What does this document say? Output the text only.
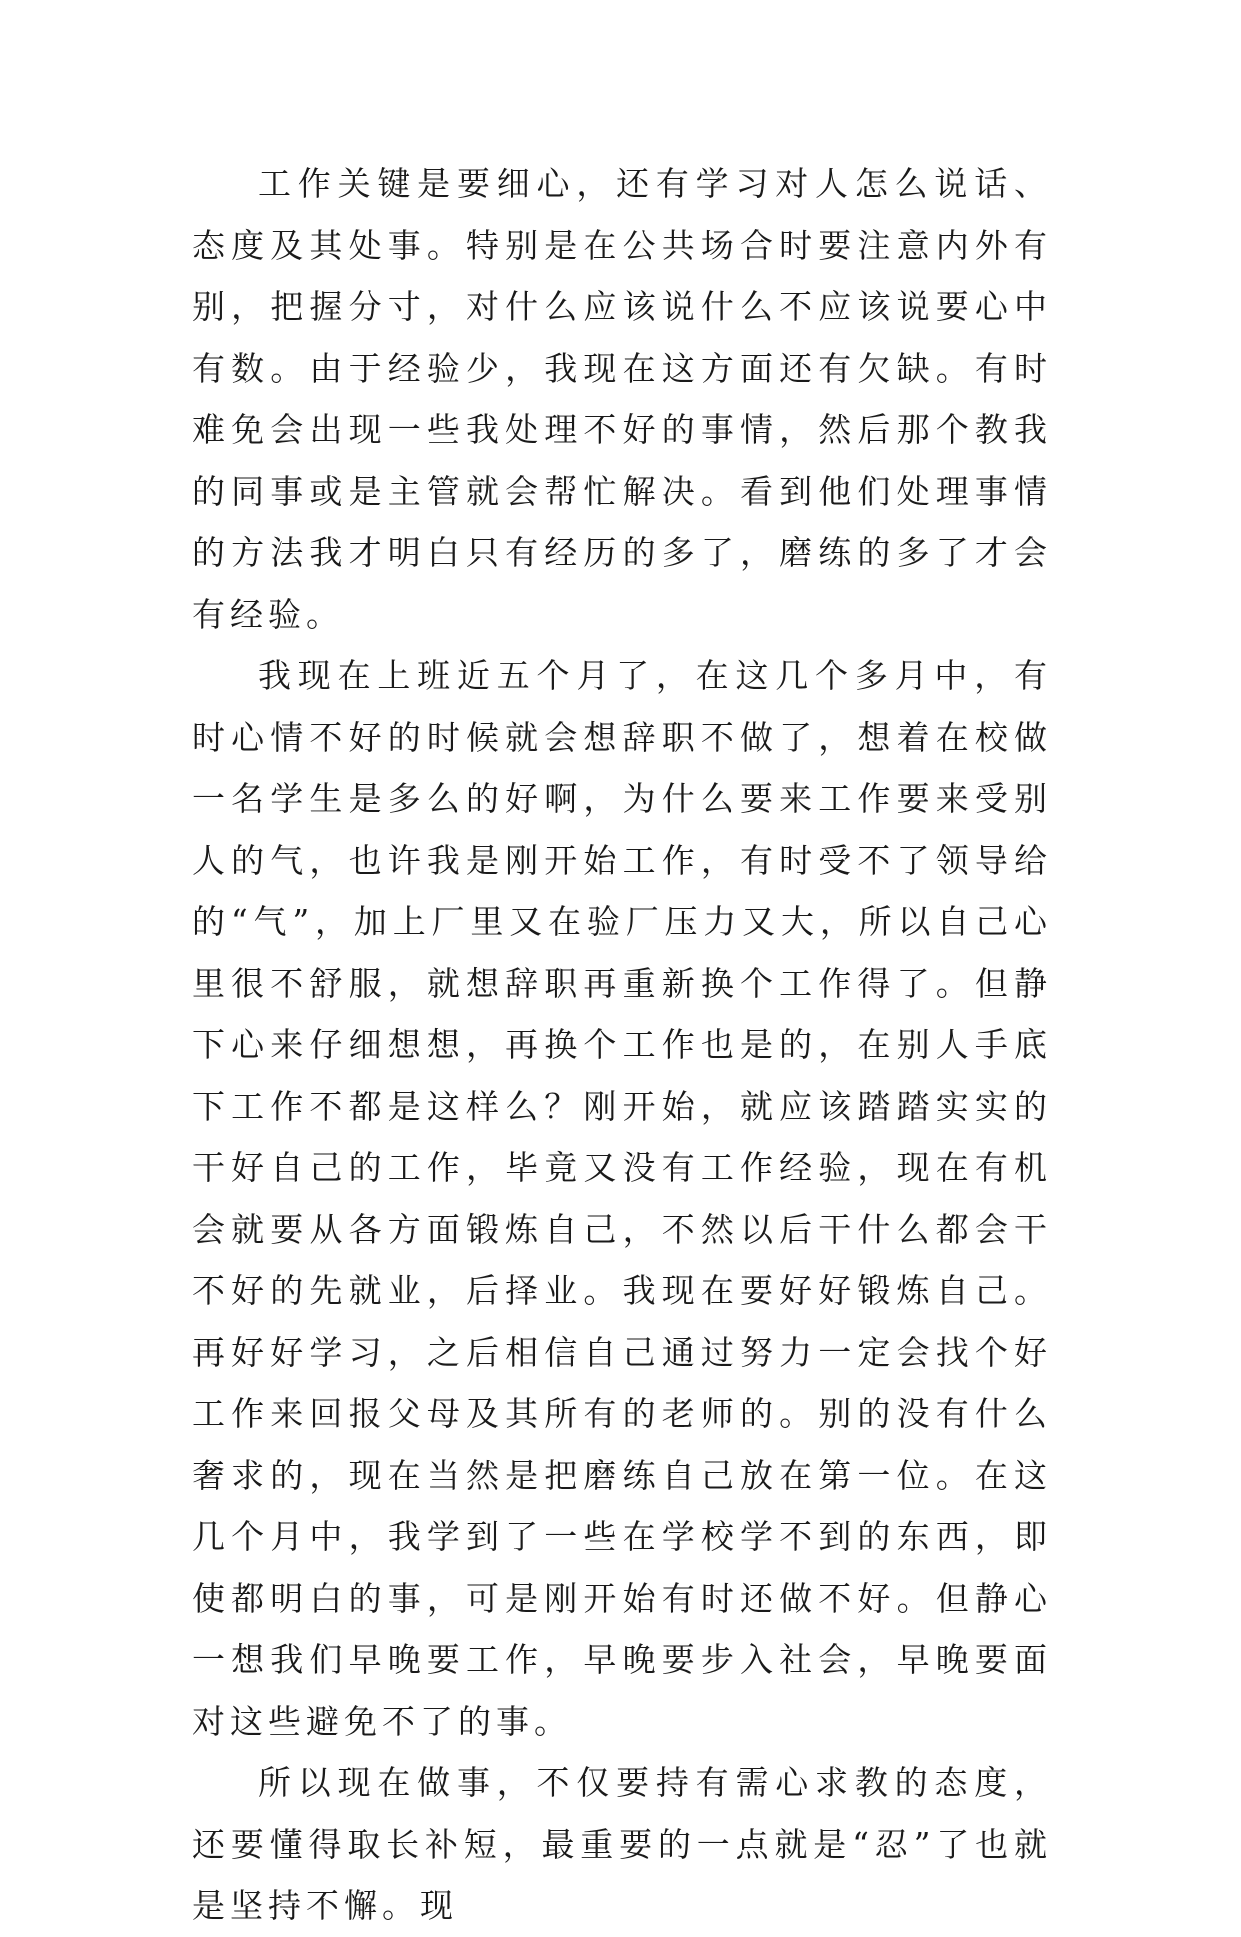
工作关键是要细心，还有学习对人怎么说话、态度及其处事。特别是在公共场合时要注意内外有别，把握分寸，对什么应该说什么不应该说要心中有数。由于经验少，我现在这方面还有欠缺。有时难免会出现一些我处理不好的事情，然后那个教我的同事或是主管就会帮忙解决。看到他们处理事情的方法我才明白只有经历的多了，磨练的多了才会有经验。

我现在上班近五个月了，在这几个多月中，有时心情不好的时候就会想辞职不做了，想着在校做一名学生是多么的好啊，为什么要来工作要来受别人的气，也许我是刚开始工作，有时受不了领导给的“气”，加上厂里又在验厂压力又大，所以自己心里很不舒服，就想辞职再重新换个工作得了。但静下心来仔细想想，再换个工作也是的，在别人手底下工作不都是这样么？刚开始，就应该踏踏实实的干好自己的工作，毕竟又没有工作经验，现在有机会就要从各方面锻炼自己，不然以后干什么都会干不好的先就业，后择业。我现在要好好锻炼自己。再好好学习，之后相信自己通过努力一定会找个好工作来回报父母及其所有的老师的。别的没有什么奢求的，现在当然是把磨练自己放在第一位。在这几个月中，我学到了一些在学校学不到的东西，即使都明白的事，可是刚开始有时还做不好。但静心一想我们早晚要工作，早晚要步入社会，早晚要面对这些避免不了的事。

所以现在做事，不仅要持有需心求教的态度，还要懂得取长补短，最重要的一点就是“忍”了也就是坚持不懈。现
